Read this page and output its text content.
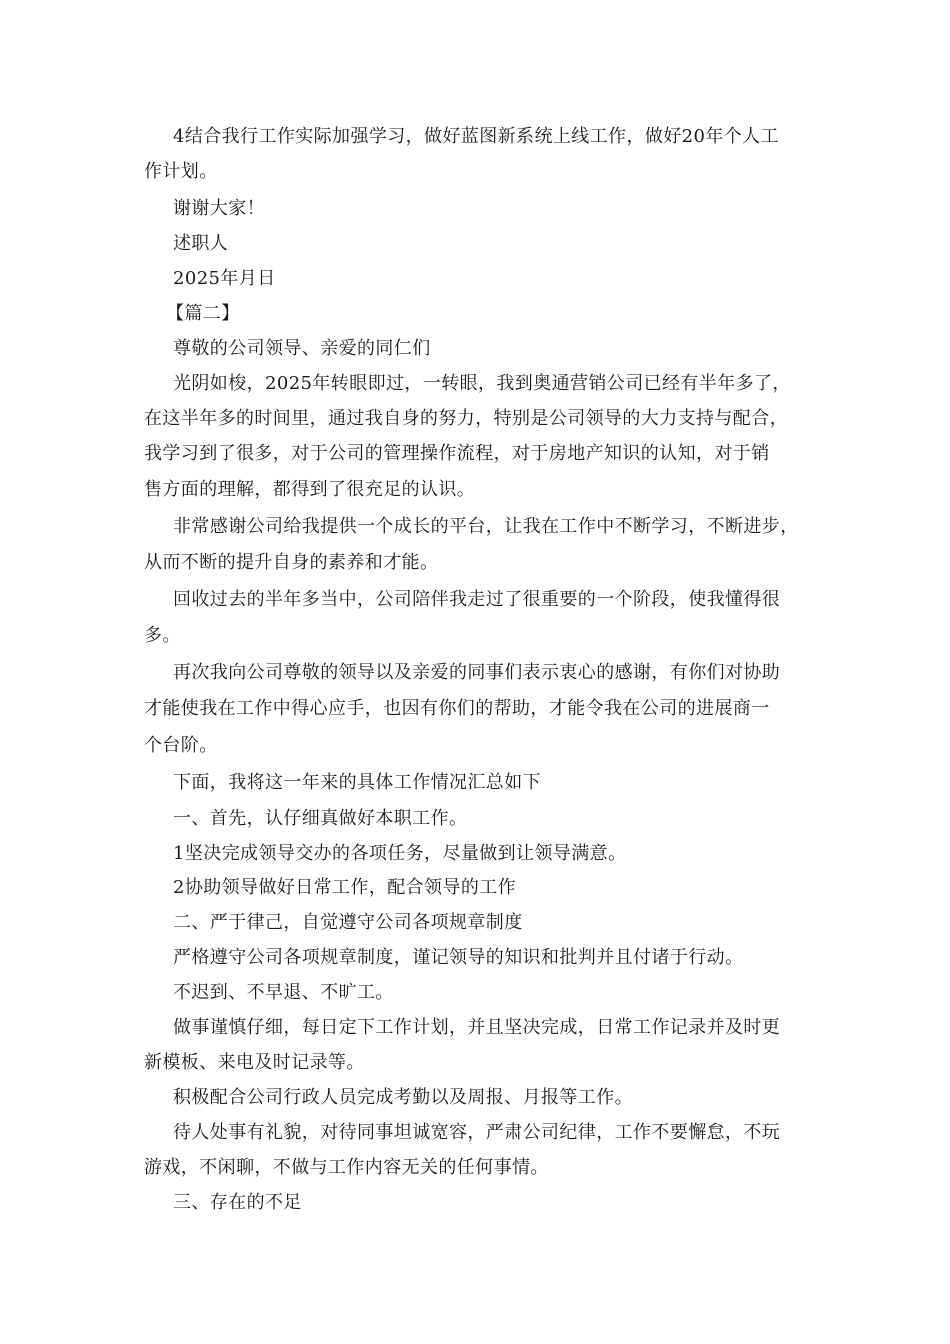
4结合我行工作实际加强学习，做好蓝图新系统上线工作，做好20年个人工
作计划。
谢谢大家！
述职人
2025年月日
【篇二】
尊敬的公司领导、亲爱的同仁们
光阴如梭，2025年转眼即过，一转眼，我到奥通营销公司已经有半年多了，
在这半年多的时间里，通过我自身的努力，特别是公司领导的大力支持与配合，
我学习到了很多，对于公司的管理操作流程，对于房地产知识的认知，对于销
售方面的理解，都得到了很充足的认识。
非常感谢公司给我提供一个成长的平台，让我在工作中不断学习，不断进步，
从而不断的提升自身的素养和才能。
回收过去的半年多当中，公司陪伴我走过了很重要的一个阶段，使我懂得很
多。
再次我向公司尊敬的领导以及亲爱的同事们表示衷心的感谢，有你们对协助
才能使我在工作中得心应手，也因有你们的帮助，才能令我在公司的进展商一
个台阶。
下面，我将这一年来的具体工作情况汇总如下
一、首先，认仔细真做好本职工作。
1坚决完成领导交办的各项任务，尽量做到让领导满意。
2协助领导做好日常工作，配合领导的工作
二、严于律己，自觉遵守公司各项规章制度
严格遵守公司各项规章制度，谨记领导的知识和批判并且付诸于行动。
不迟到、不早退、不旷工。
做事谨慎仔细，每日定下工作计划，并且坚决完成，日常工作记录并及时更
新模板、来电及时记录等。
积极配合公司行政人员完成考勤以及周报、月报等工作。
待人处事有礼貌，对待同事坦诚宽容，严肃公司纪律，工作不要懈怠，不玩
游戏，不闲聊，不做与工作内容无关的任何事情。
三、存在的不足
